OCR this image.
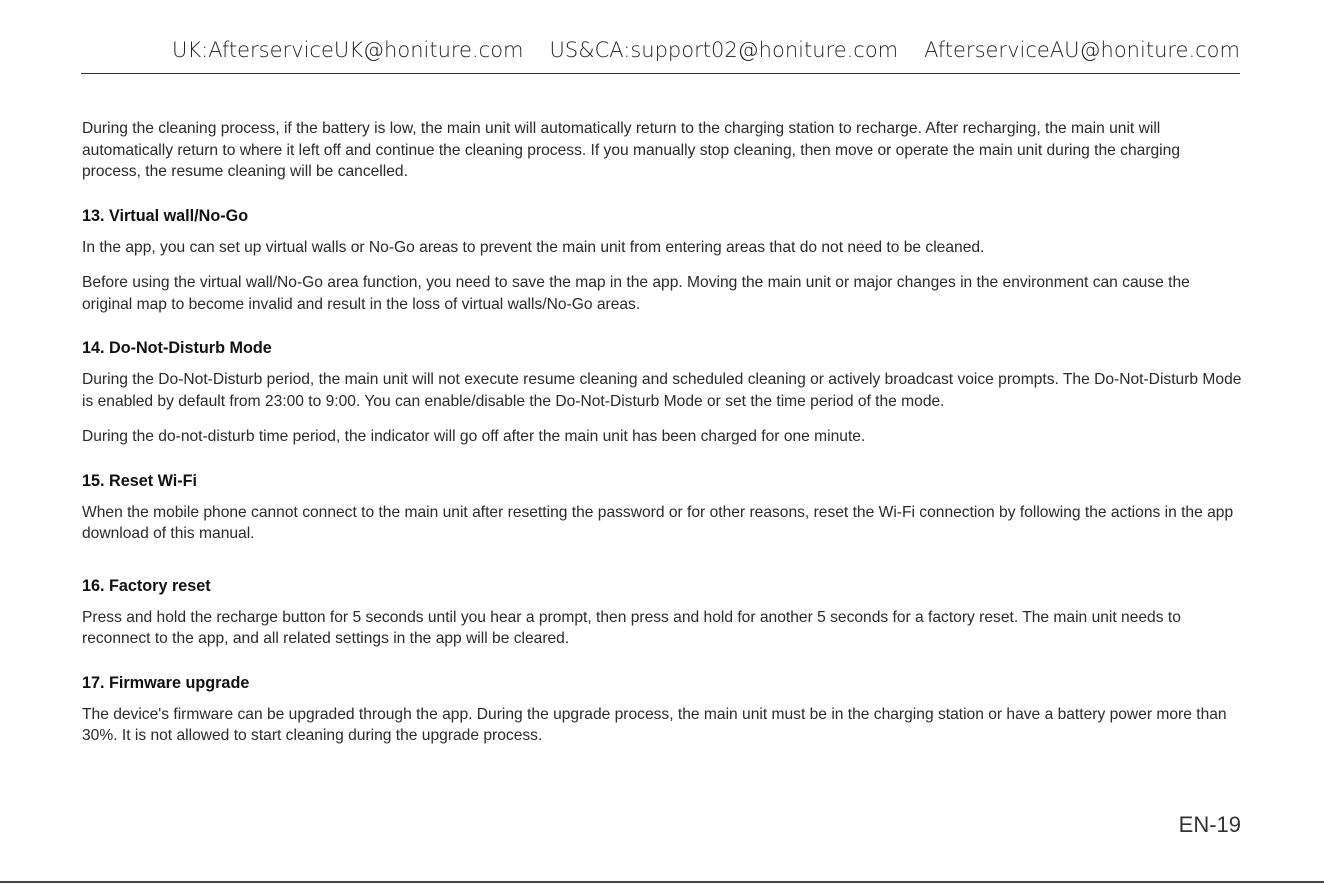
UK:AfterserviceUK@honiture.com US&CA:support02@honiture.com AfterserviceAU@honiture.com

During the cleaning process, if the battery is low, the main unit will automatically return to the charging station to recharge. After recharging, the main unit will automatically return to where it left off and continue the cleaning process. If you manually stop cleaning, then move or operate the main unit during the charging process, the resume cleaning will be cancelled.

13. Virtual wall/No-Go

In the app, you can set up virtual walls or No-Go areas to prevent the main unit from entering areas that do not need to be cleaned.

Before using the virtual wall/No-Go area function, you need to save the map in the app. Moving the main unit or major changes in the environment can cause the original map to become invalid and result in the loss of virtual walls/No-Go areas.

14. Do-Not-Disturb Mode

During the Do-Not-Disturb period, the main unit will not execute resume cleaning and scheduled cleaning or actively broadcast voice prompts. The Do-Not-Disturb Mode is enabled by default from 23:00 to 9:00. You can enable/disable the Do-Not-Disturb Mode or set the time period of the mode.

During the do-not-disturb time period, the indicator will go off after the main unit has been charged for one minute.

15. Reset Wi-Fi

When the mobile phone cannot connect to the main unit after resetting the password or for other reasons, reset the Wi-Fi connection by following the actions in the app download of this manual.

16. Factory reset

Press and hold the recharge button for 5 seconds until you hear a prompt, then press and hold for another 5 seconds for a factory reset. The main unit needs to reconnect to the app, and all related settings in the app will be cleared.

17. Firmware upgrade

The device's firmware can be upgraded through the app. During the upgrade process, the main unit must be in the charging station or have a battery power more than 30%. It is not allowed to start cleaning during the upgrade process.

EN-19
